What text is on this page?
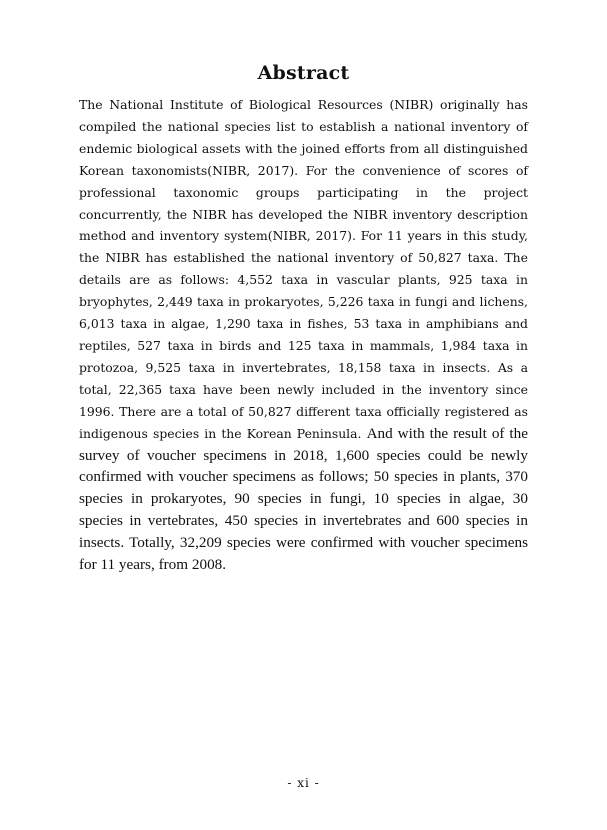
Abstract

The National Institute of Biological Resources (NIBR) originally has compiled the national species list to establish a national inventory of endemic biological assets with the joined efforts from all distinguished Korean taxonomists(NIBR, 2017). For the convenience of scores of professional taxonomic groups participating in the project concurrently, the NIBR has developed the NIBR inventory description method and inventory system(NIBR, 2017). For 11 years in this study, the NIBR has established the national inventory of 50,827 taxa. The details are as follows: 4,552 taxa in vascular plants, 925 taxa in bryophytes, 2,449 taxa in prokaryotes, 5,226 taxa in fungi and lichens, 6,013 taxa in algae, 1,290 taxa in fishes, 53 taxa in amphibians and reptiles, 527 taxa in birds and 125 taxa in mammals, 1,984 taxa in protozoa, 9,525 taxa in invertebrates, 18,158 taxa in insects. As a total, 22,365 taxa have been newly included in the inventory since 1996. There are a total of 50,827 different taxa officially registered as indigenous species in the Korean Peninsula. And with the result of the survey of voucher specimens in 2018, 1,600 species could be newly confirmed with voucher specimens as follows; 50 species in plants, 370 species in prokaryotes, 90 species in fungi, 10 species in algae, 30 species in vertebrates, 450 species in invertebrates and 600 species in insects. Totally, 32,209 species were confirmed with voucher specimens for 11 years, from 2008.

- xi -
